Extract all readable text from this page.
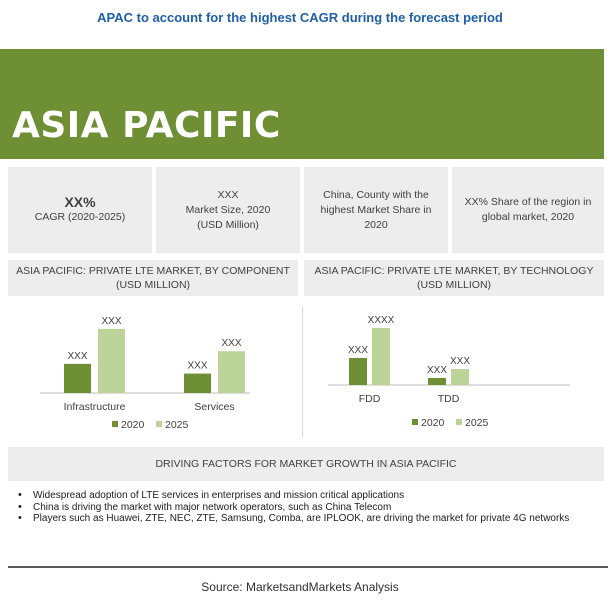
APAC to account for the highest CAGR during the forecast period
ASIA PACIFIC
XX%
CAGR (2020-2025)
XXX
Market Size, 2020 (USD Million)
China, County with the highest Market Share in 2020
XX% Share of the region in global market, 2020
ASIA PACIFIC: PRIVATE LTE MARKET, BY COMPONENT (USD MILLION)
ASIA PACIFIC: PRIVATE LTE MARKET, BY TECHNOLOGY (USD MILLION)
XXX
XXX
Infrastructure
XXX
XXX
Services
2020 2025
XXX
XXXX
FDD
XXX
XXX
TDD
2020 2025
DRIVING FACTORS FOR MARKET GROWTH IN ASIA PACIFIC
• Widespread adoption of LTE services in enterprises and mission critical applications
• China is driving the market with major network operators, such as China Telecom
• Players such as Huawei, ZTE, NEC, ZTE, Samsung, Comba, are IPLOOK, are driving the market for private 4G networks
Source: MarketsandMarkets Analysis
